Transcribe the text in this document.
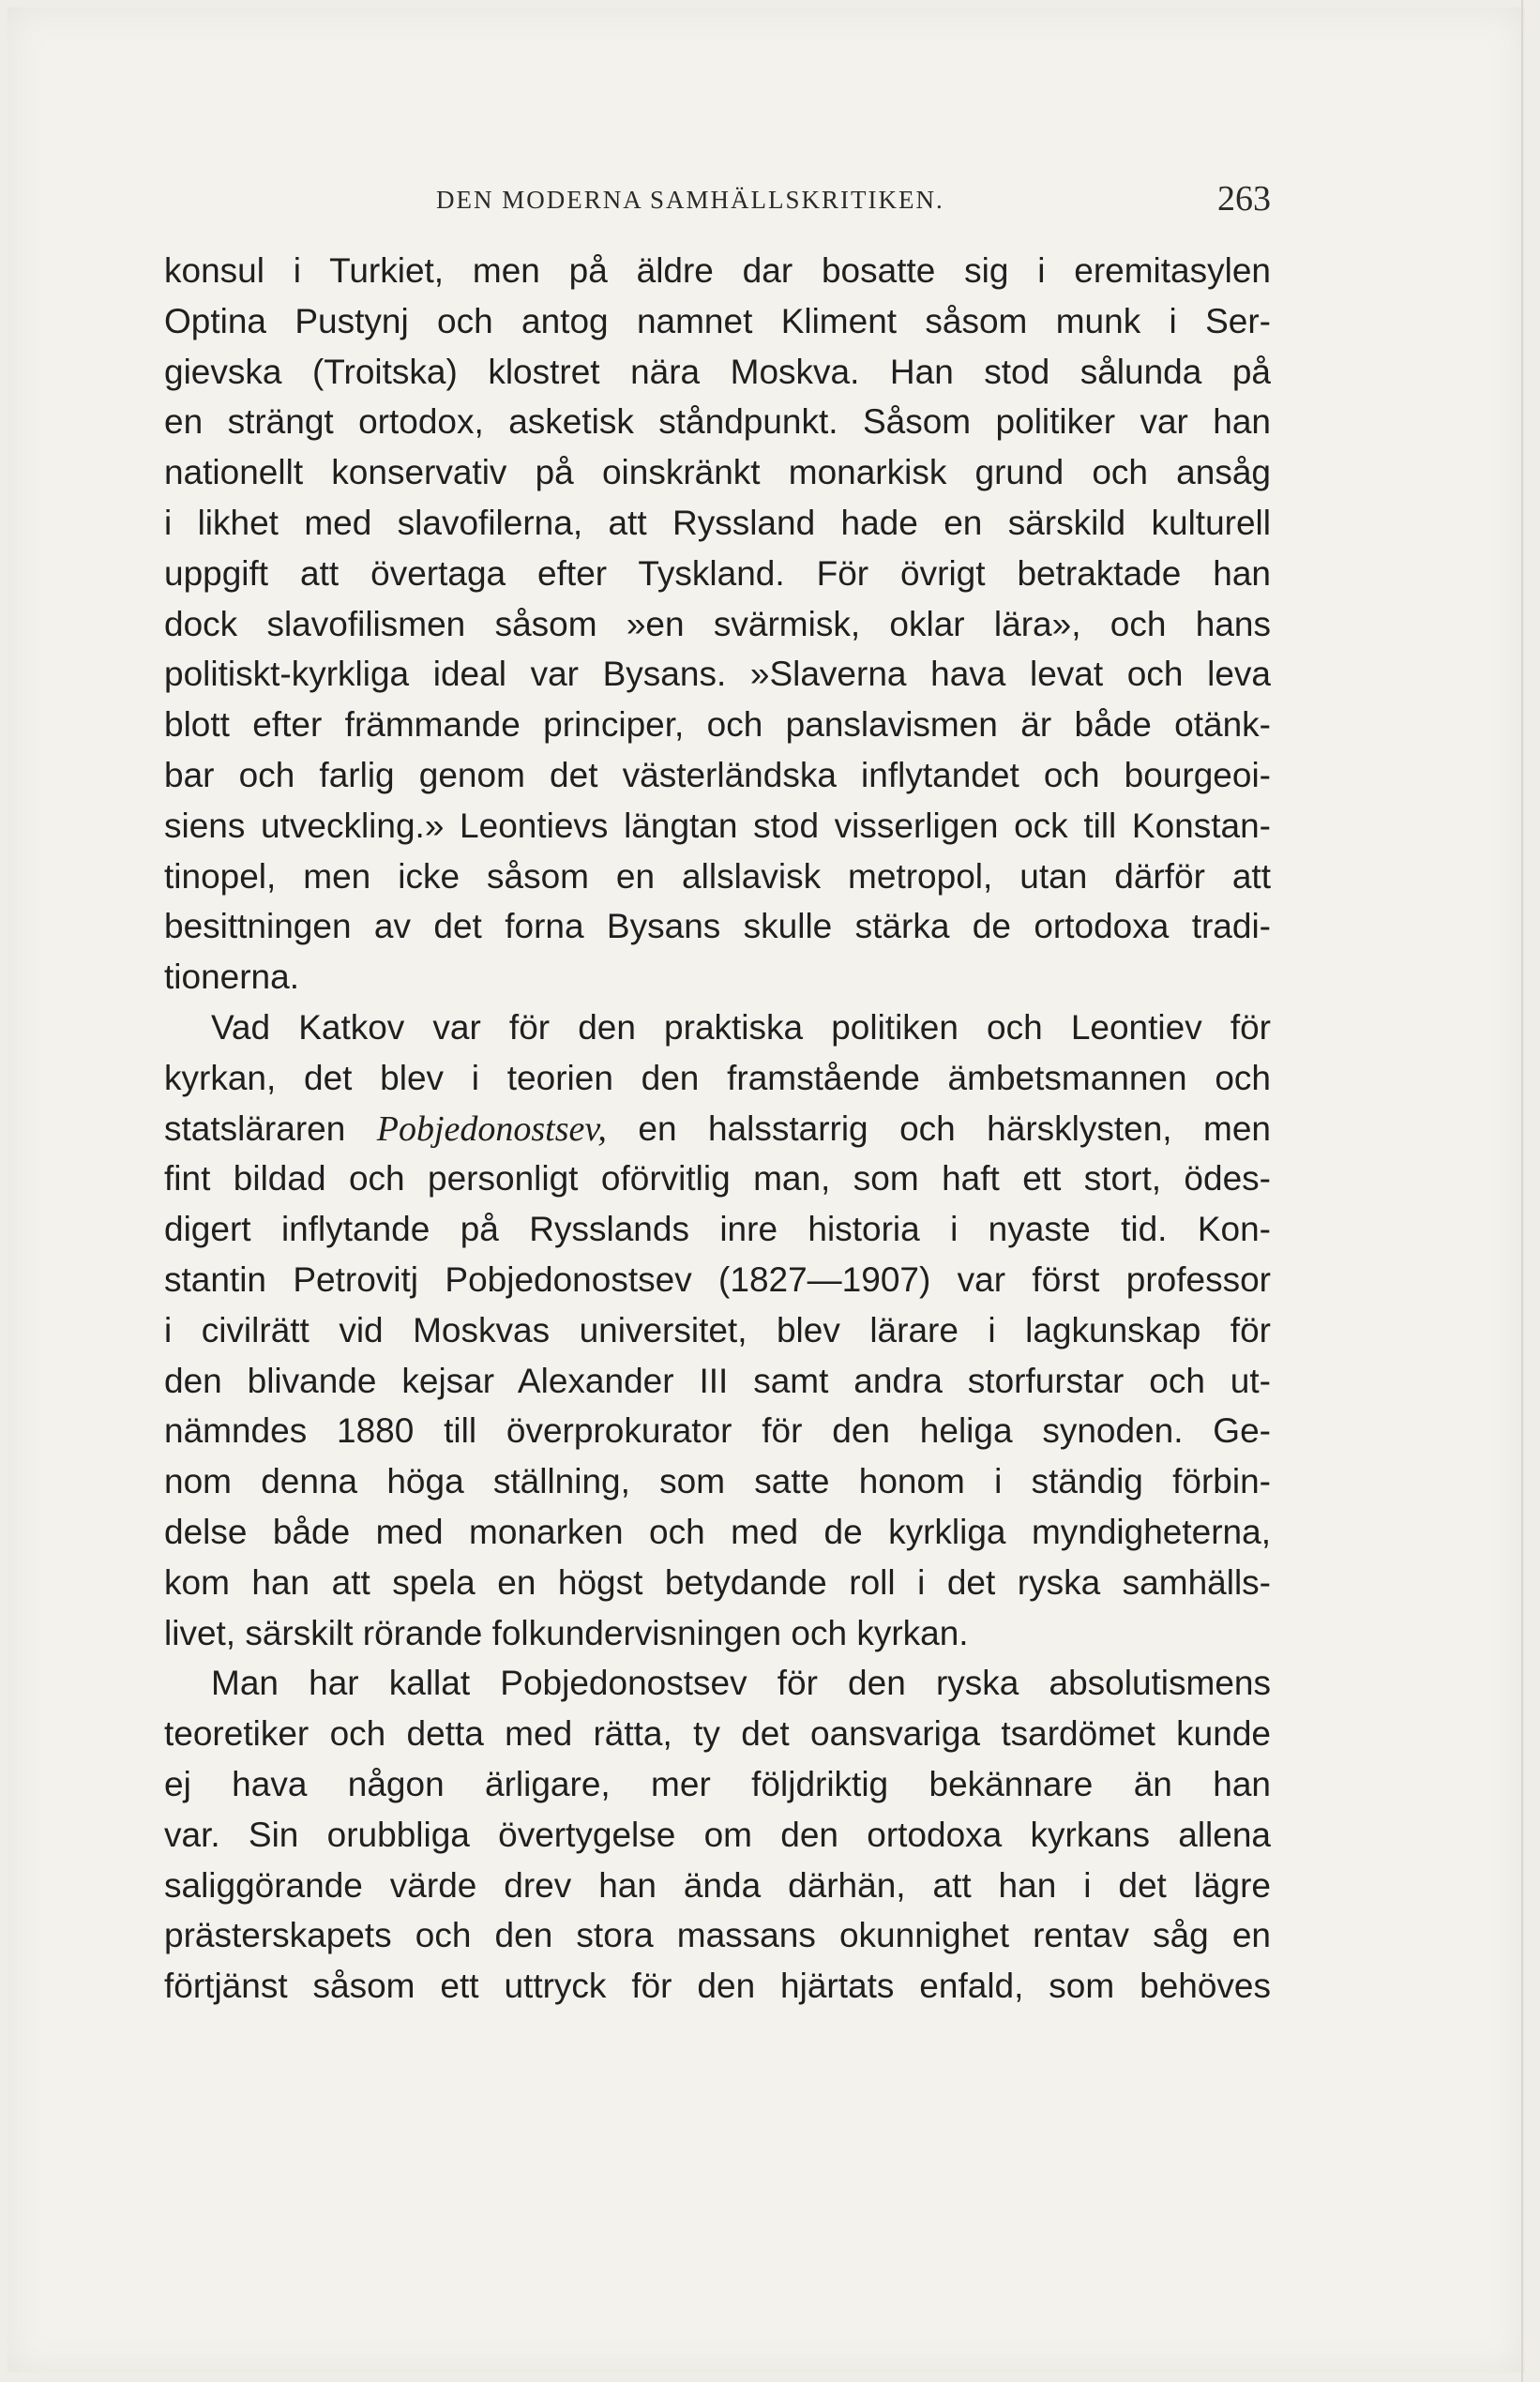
DEN MODERNA SAMHÄLLSKRITIKEN.	263
konsul i Turkiet, men på äldre dar bosatte sig i eremitasylen
Optina Pustynj och antog namnet Kliment såsom munk i Ser-
gievska (Troitska) klostret nära Moskva. Han stod sålunda på
en strängt ortodox, asketisk ståndpunkt. Såsom politiker var han
nationellt konservativ på oinskränkt monarkisk grund och ansåg
i likhet med slavofilerna, att Ryssland hade en särskild kulturell
uppgift att övertaga efter Tyskland. För övrigt betraktade han
dock slavofilismen såsom »en svärmisk, oklar lära», och hans
politiskt-kyrkliga ideal var Bysans. »Slaverna hava levat och leva
blott efter främmande principer, och panslavismen är både otänk-
bar och farlig genom det västerländska inflytandet och bourgeoi-
siens utveckling.» Leontievs längtan stod visserligen ock till Konstan-
tinopel, men icke såsom en allslavisk metropol, utan därför att
besittningen av det forna Bysans skulle stärka de ortodoxa tradi-
tionerna.
Vad Katkov var för den praktiska politiken och Leontiev för
kyrkan, det blev i teorien den framstående ämbetsmannen och
statsläraren Pobjedonostsev, en halsstarrig och härsklysten, men
fint bildad och personligt oförvitlig man, som haft ett stort, ödes-
digert inflytande på Rysslands inre historia i nyaste tid. Kon-
stantin Petrovitj Pobjedonostsev (1827—1907) var först professor
i civilrätt vid Moskvas universitet, blev lärare i lagkunskap för
den blivande kejsar Alexander III samt andra storfurstar och ut-
nämndes 1880 till överprokurator för den heliga synoden. Ge-
nom denna höga ställning, som satte honom i ständig förbin-
delse både med monarken och med de kyrkliga myndigheterna,
kom han att spela en högst betydande roll i det ryska samhälls-
livet, särskilt rörande folkundervisningen och kyrkan.
Man har kallat Pobjedonostsev för den ryska absolutismens
teoretiker och detta med rätta, ty det oansvariga tsardömet kunde
ej hava någon ärligare, mer följdriktig bekännare än han
var. Sin orubbliga övertygelse om den ortodoxa kyrkans allena
saliggörande värde drev han ända därhän, att han i det lägre
prästerskapets och den stora massans okunnighet rentav såg en
förtjänst såsom ett uttryck för den hjärtats enfald, som behöves
